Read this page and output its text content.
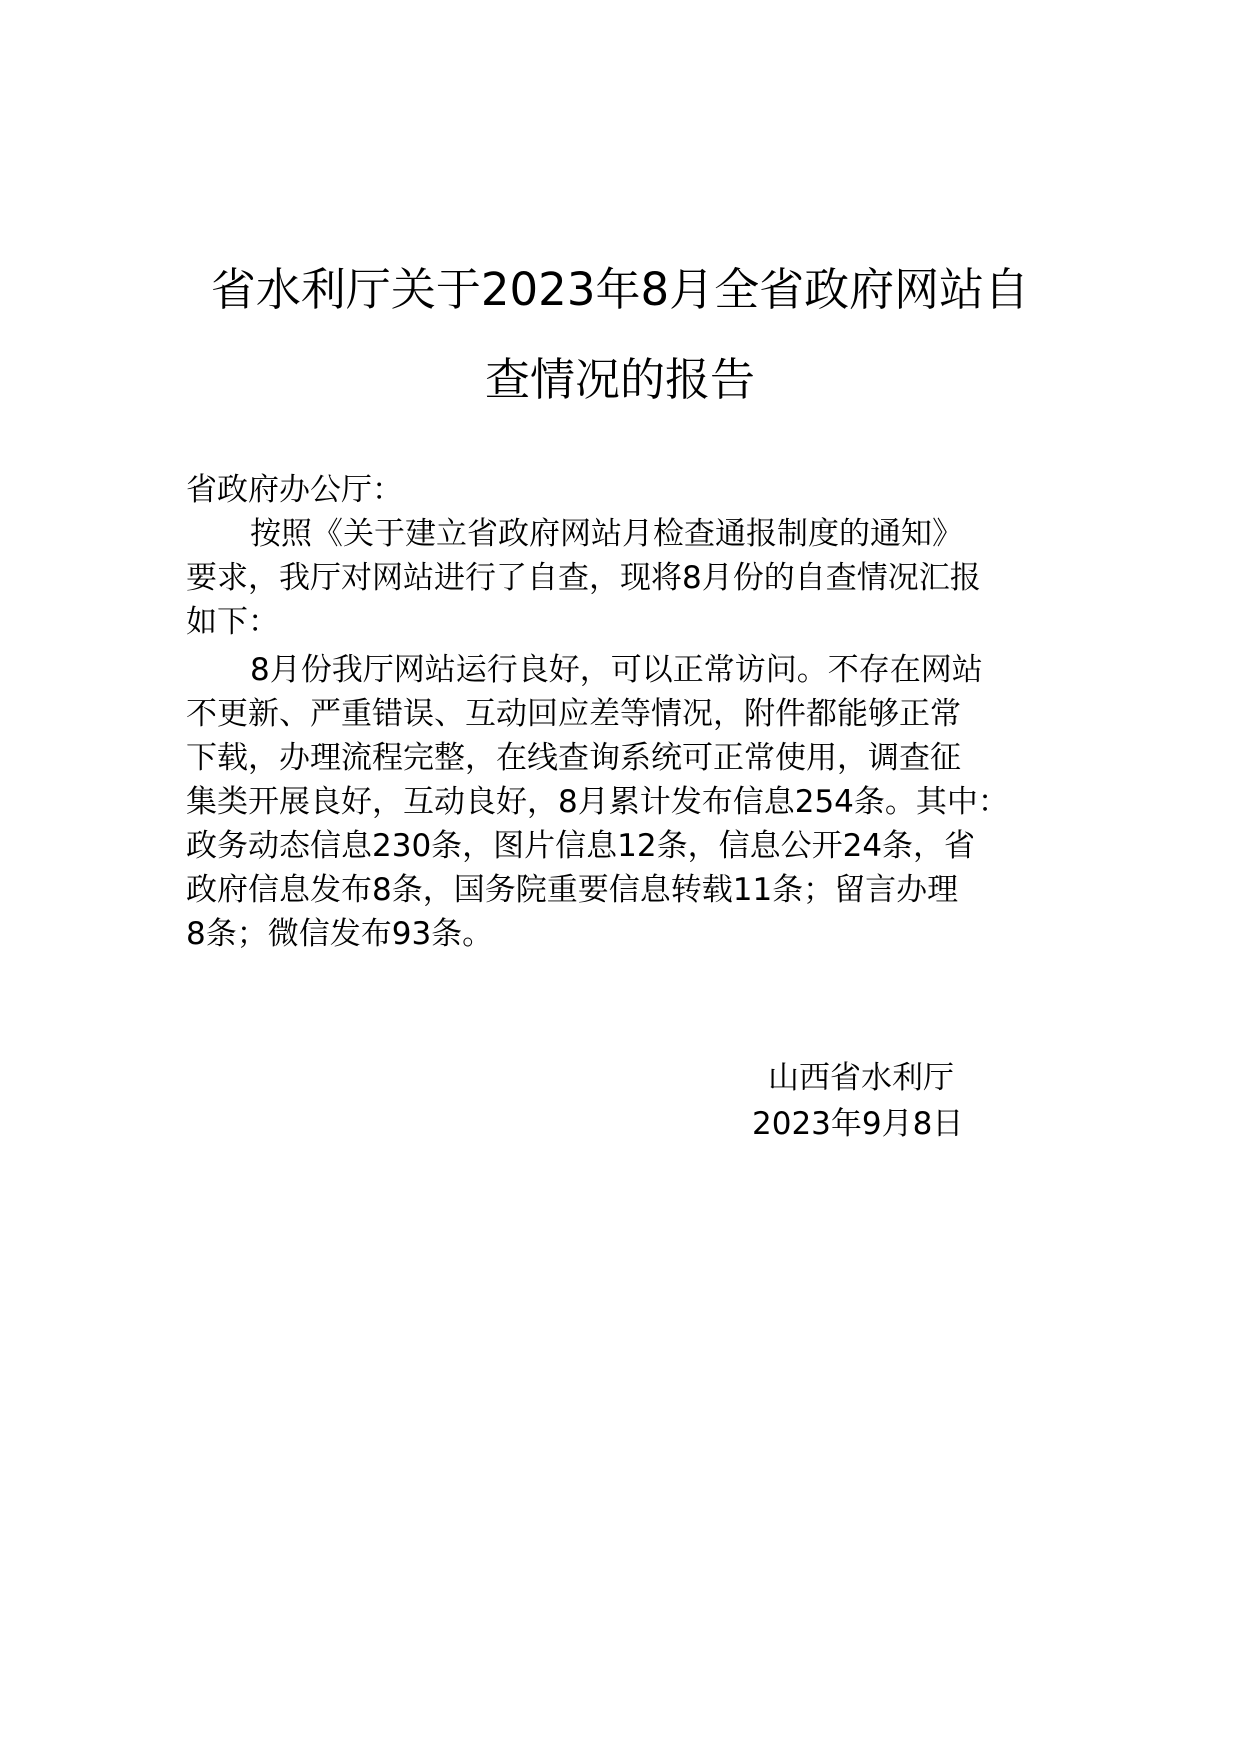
省水利厅关于2023年8月全省政府网站自
查情况的报告
省政府办公厅：
按照《关于建立省政府网站月检查通报制度的通知》
要求，我厅对网站进行了自查，现将8月份的自查情况汇报
如下：
8月份我厅网站运行良好，可以正常访问。不存在网站
不更新、严重错误、互动回应差等情况，附件都能够正常
下载，办理流程完整，在线查询系统可正常使用，调查征
集类开展良好，互动良好，8月累计发布信息254条。其中：
政务动态信息230条，图片信息12条，信息公开24条，省
政府信息发布8条，国务院重要信息转载11条；留言办理
8条；微信发布93条。
山西省水利厅
2023年9月8日
